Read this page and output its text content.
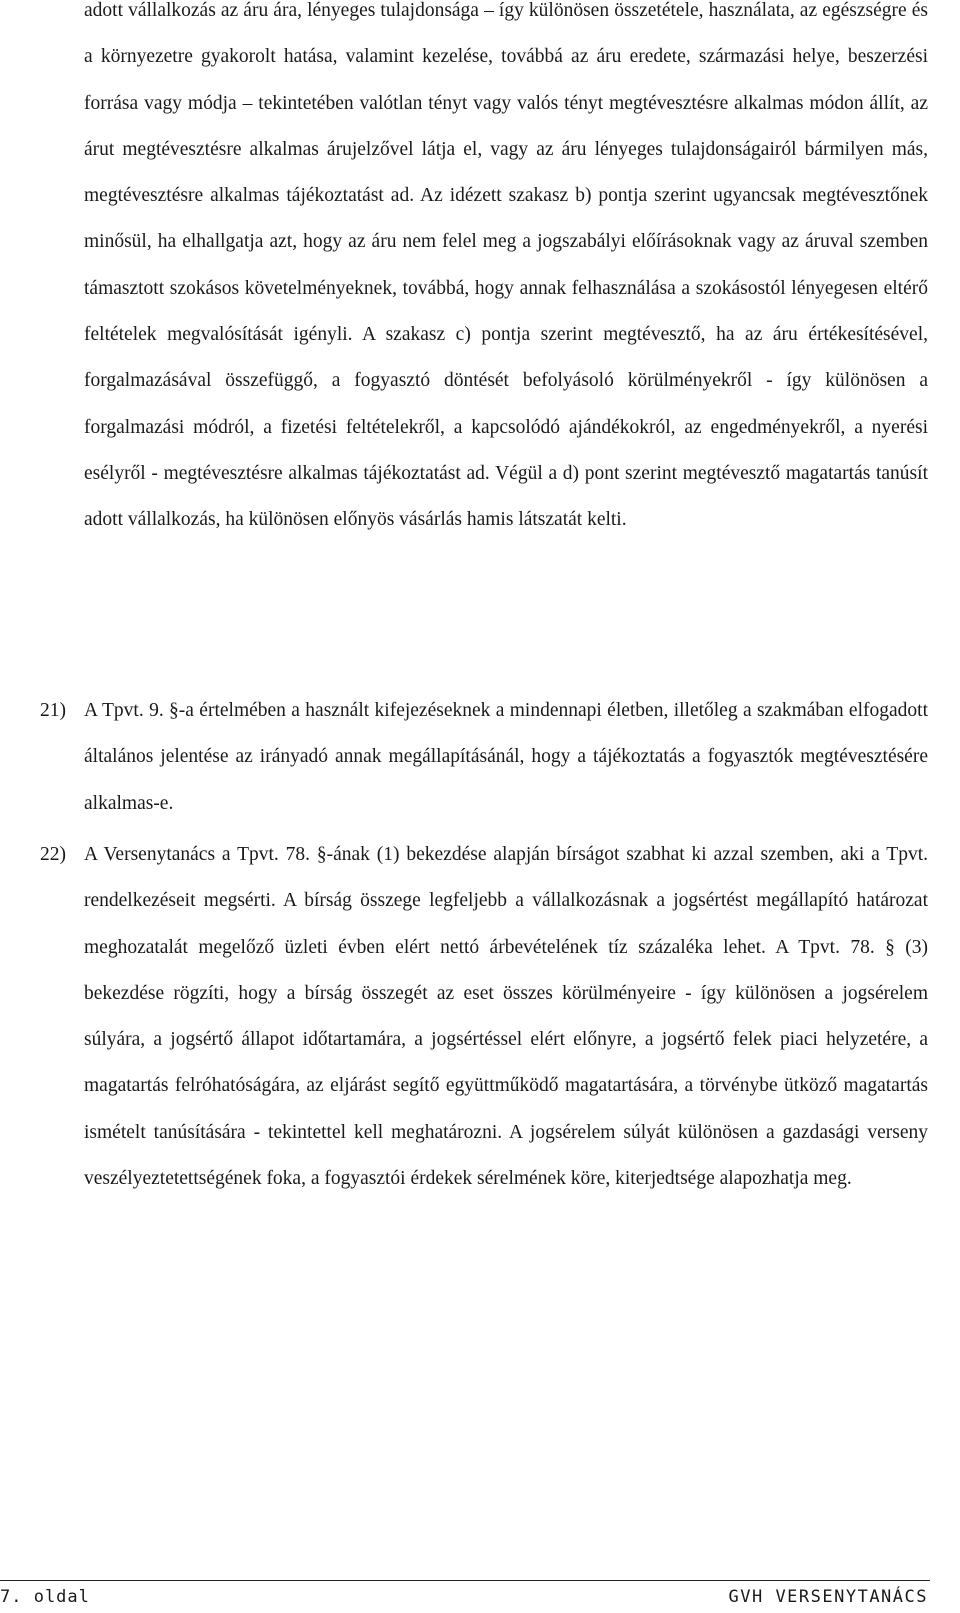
adott vállalkozás az áru ára, lényeges tulajdonsága – így különösen összetétele, használata, az egészségre és a környezetre gyakorolt hatása, valamint kezelése, továbbá az áru eredete, származási helye, beszerzési forrása vagy módja – tekintetében valótlan tényt vagy valós tényt megtévesztésre alkalmas módon állít, az árut megtévesztésre alkalmas árujelzővel látja el, vagy az áru lényeges tulajdonságairól bármilyen más, megtévesztésre alkalmas tájékoztatást ad. Az idézett szakasz b) pontja szerint ugyancsak megtévesztőnek minősül, ha elhallgatja azt, hogy az áru nem felel meg a jogszabályi előírásoknak vagy az áruval szemben támasztott szokásos követelményeknek, továbbá, hogy annak felhasználása a szokásostól lényegesen eltérő feltételek megvalósítását igényli. A szakasz c) pontja szerint megtévesztő, ha az áru értékesítésével, forgalmazásával összefüggő, a fogyasztó döntését befolyásoló körülményekről - így különösen a forgalmazási módról, a fizetési feltételekről, a kapcsolódó ajándékokról, az engedményekről, a nyerési esélyről - megtévesztésre alkalmas tájékoztatást ad. Végül a d) pont szerint megtévesztő magatartás tanúsít adott vállalkozás, ha különösen előnyös vásárlás hamis látszatát kelti.

21) A Tpvt. 9. §-a értelmében a használt kifejezéseknek a mindennapi életben, illetőleg a szakmában elfogadott általános jelentése az irányadó annak megállapításánál, hogy a tájékoztatás a fogyasztók megtévesztésére alkalmas-e.

22) A Versenytanács a Tpvt. 78. §-ának (1) bekezdése alapján bírságot szabhat ki azzal szemben, aki a Tpvt. rendelkezéseit megsérti. A bírság összege legfeljebb a vállalkozásnak a jogsértést megállapító határozat meghozatalát megelőző üzleti évben elért nettó árbevételének tíz százaléka lehet. A Tpvt. 78. § (3) bekezdése rögzíti, hogy a bírság összegét az eset összes körülményeire - így különösen a jogsérelem súlyára, a jogsértő állapot időtartamára, a jogsértéssel elért előnyre, a jogsértő felek piaci helyzetére, a magatartás felróhatóságára, az eljárást segítő együttműködő magatartására, a törvénybe ütköző magatartás ismételt tanúsítására - tekintettel kell meghatározni. A jogsérelem súlyát különösen a gazdasági verseny veszélyeztetettségének foka, a fogyasztói érdekek sérelmének köre, kiterjedtsége alapozhatja meg.

7. oldal	GVH VERSENYTANÁCS
